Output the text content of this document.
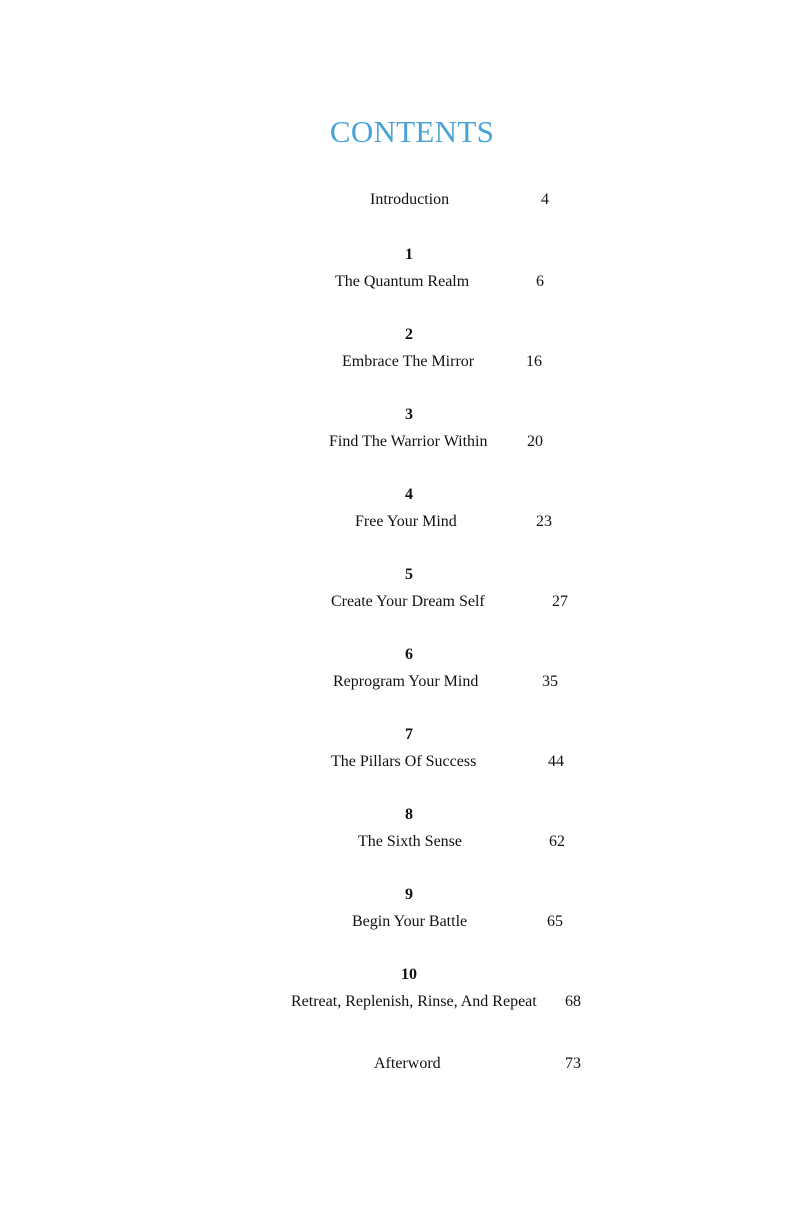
CONTENTS
Introduction	4
1
The Quantum Realm	6
2
Embrace The Mirror	16
3
Find The Warrior Within 20
4
Free Your Mind	23
5
Create Your Dream Self	27
6
Reprogram Your Mind	35
7
The Pillars Of Success	44
8
The Sixth Sense	62
9
Begin Your Battle	65
10
Retreat, Replenish, Rinse, And Repeat 68
Afterword	73
